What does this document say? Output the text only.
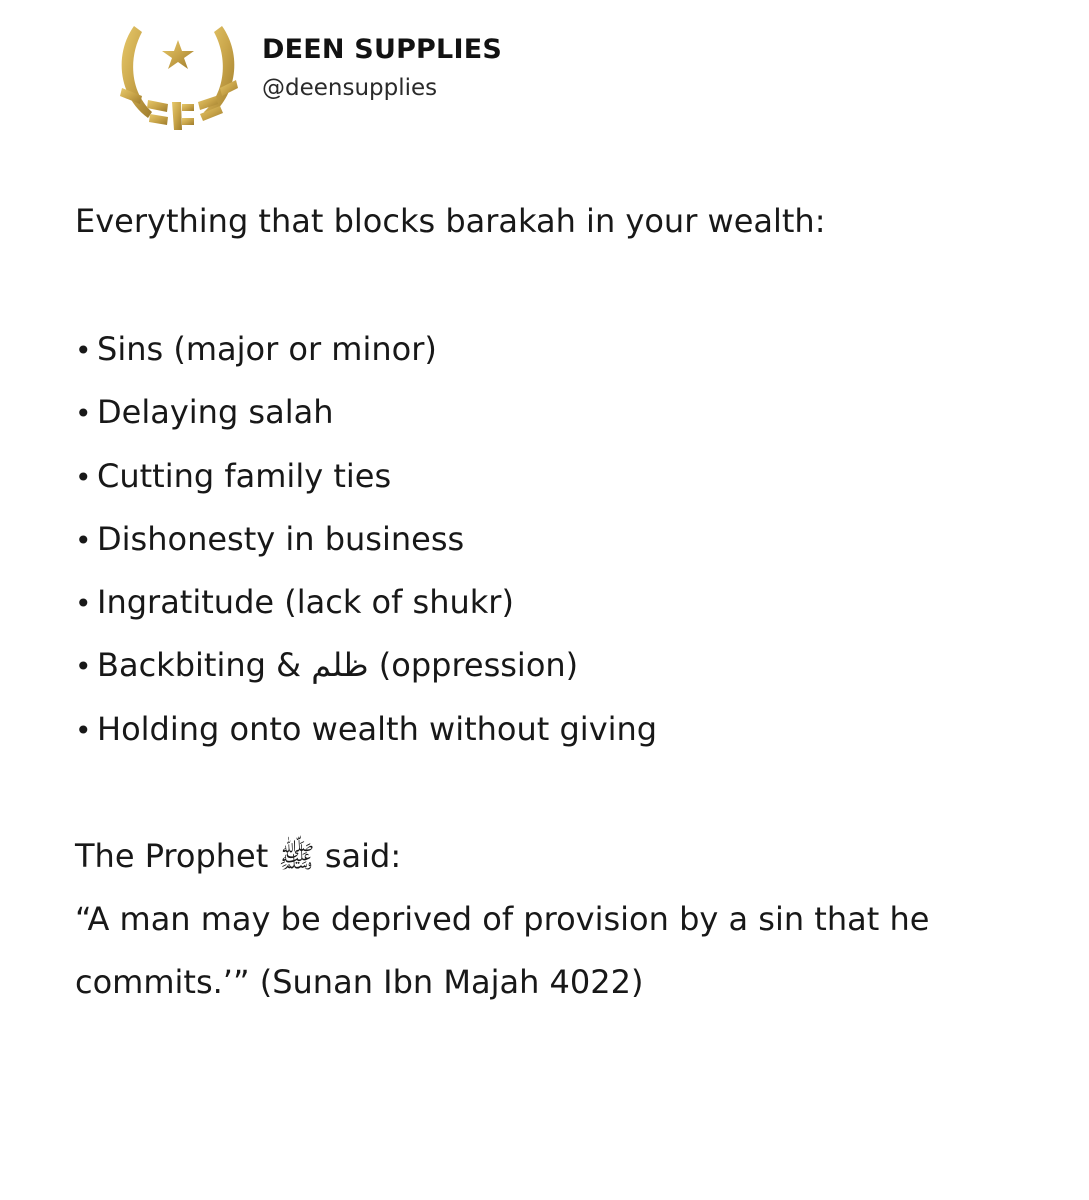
DEEN SUPPLIES
@deensupplies

Everything that blocks barakah in your wealth:

• Sins (major or minor)
• Delaying salah
• Cutting family ties
• Dishonesty in business
• Ingratitude (lack of shukr)
• Backbiting & ظلم (oppression)
• Holding onto wealth without giving
The Prophet ﷺ said:
“A man may be deprived of provision by a sin that he
commits.’” (Sunan Ibn Majah 4022)
